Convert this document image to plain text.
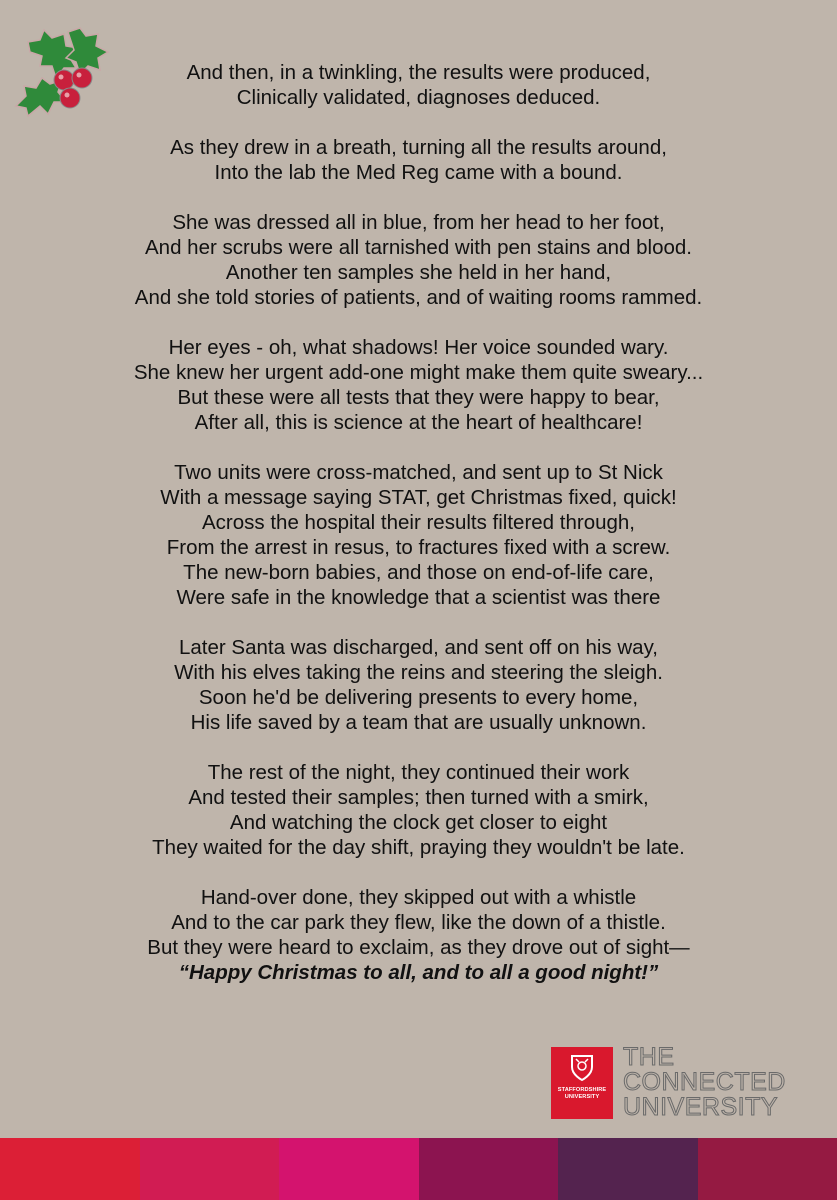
And then, in a twinkling, the results were produced,
Clinically validated, diagnoses deduced.
As they drew in a breath, turning all the results around,
Into the lab the Med Reg came with a bound.
She was dressed all in blue, from her head to her foot,
And her scrubs were all tarnished with pen stains and blood.
Another ten samples she held in her hand,
And she told stories of patients, and of waiting rooms rammed.
Her eyes - oh, what shadows! Her voice sounded wary.
She knew her urgent add-one might make them quite sweary...
But these were all tests that they were happy to bear,
After all, this is science at the heart of healthcare!
Two units were cross-matched, and sent up to St Nick
With a message saying STAT, get Christmas fixed, quick!
Across the hospital their results filtered through,
From the arrest in resus, to fractures fixed with a screw.
The new-born babies, and those on end-of-life care,
Were safe in the knowledge that a scientist was there
Later Santa was discharged, and sent off on his way,
With his elves taking the reins and steering the sleigh.
Soon he'd be delivering presents to every home,
His life saved by a team that are usually unknown.
The rest of the night, they continued their work
And tested their samples; then turned with a smirk,
And watching the clock get closer to eight
They waited for the day shift, praying they wouldn't be late.
Hand-over done, they skipped out with a whistle
And to the car park they flew, like the down of a thistle.
But they were heard to exclaim, as they drove out of sight—
“Happy Christmas to all, and to all a good night!”
STAFFORDSHIRE
UNIVERSITY
THE
CONNECTED
UNIVERSITY
